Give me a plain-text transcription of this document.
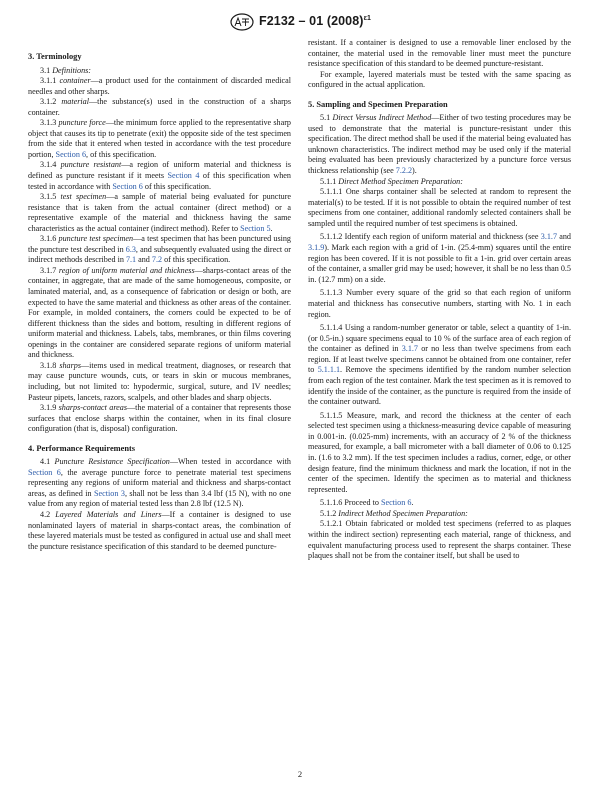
F2132 – 01 $(2008)^{\varepsilon 1}$
3. Terminology

3.1 Definitions:

3.1.1 container—a product used for the containment of discarded medical needles and other sharps.

3.1.2 material—the substance(s) used in the construction of a sharps container.

3.1.3 puncture force—the minimum force applied to the representative sharp object that causes its tip to penetrate (exit) the opposite side of the test specimen from the side that it entered when tested in accordance with the test procedure portion, Section 6, of this specification.

3.1.4 puncture resistant—a region of uniform material and thickness is defined as puncture resistant if it meets Section 4 of this specification when tested in accordance with Section 6 of this specification.

3.1.5 test specimen—a sample of material being evaluated for puncture resistance that is taken from the actual container (direct method) or a representative example of the material and thickness having the same characteristics as the actual container (indirect method). Refer to Section 5.

3.1.6 puncture test specimen—a test specimen that has been punctured using the puncture test described in 6.3, and subsequently evaluated using the direct or indirect methods described in 7.1 and 7.2 of this specification.

3.1.7 region of uniform material and thickness—sharps-contact areas of the container, in aggregate, that are made of the same homogeneous, composite, or laminated material, and, as a consequence of fabrication or design or both, are expected to have the same material and thickness as other areas of the container. For example, in molded containers, the corners could be expected to be of different thickness than the sides and bottom, resulting in different regions of uniform material and thickness. Labels, tabs, membranes, or thin films covering openings in the container are considered separate regions of uniform material and thickness.

3.1.8 sharps—items used in medical treatment, diagnoses, or research that may cause puncture wounds, cuts, or tears in skin or mucous membranes, including, but not limited to: hypodermic, surgical, suture, and IV needles; Pasteur pipets, lancets, razors, scalpels, and other blades and sharp objects.

3.1.9 sharps-contact areas—the material of a container that represents those surfaces that enclose sharps within the container, when in its final closure configuration (that is, disposal) configuration.

4. Performance Requirements

4.1 Puncture Resistance Specification—When tested in accordance with Section 6, the average puncture force to penetrate material test specimens representing any regions of uniform material and thickness and sharps-contact areas, as defined in Section 3, shall not be less than 3.4 lbf (15 N), with no one value from any region of material tested less than 2.8 lbf (12.5 N).

4.2 Layered Materials and Liners—If a container is designed to use nonlaminated layers of material in sharps-contact areas, the combination of these layered materials must be tested as configured in actual use and shall meet the puncture resistance specification of this standard to be deemed puncture-

resistant. If a container is designed to use a removable liner enclosed by the container, the material used in the removable liner must meet the puncture resistance specification of this standard to be deemed puncture-resistant.

For example, layered materials must be tested with the same spacing as configured in the actual application.

5. Sampling and Specimen Preparation

5.1 Direct Versus Indirect Method—Either of two testing procedures may be used to demonstrate that the material is puncture-resistant under this specification. The direct method shall be used if the material being evaluated has unknown characteristics. The indirect method may be used only if the material being evaluated has been previously characterized by a puncture force versus thickness relationship (see 7.2.2).

5.1.1 Direct Method Specimen Preparation:

5.1.1.1 One sharps container shall be selected at random to represent the material(s) to be tested. If it is not possible to obtain the required number of test specimens from one container, additional randomly selected containers shall be sampled until the required number of test specimens is obtained.

5.1.1.2 Identify each region of uniform material and thickness (see 3.1.7 and 3.1.9). Mark each region with a grid of 1-in. (25.4-mm) squares until the entire region has been covered. If it is not possible to fit a 1-in. grid over certain areas of the container, a smaller grid may be used; however, it shall be no less than 0.5 in. (12.7 mm) on a side.

5.1.1.3 Number every square of the grid so that each region of uniform material and thickness has consecutive numbers, starting with No. 1 in each region.

5.1.1.4 Using a random-number generator or table, select a quantity of 1-in. (or 0.5-in.) square specimens equal to 10 % of the surface area of each region of the container as defined in 3.1.7 or no less than twelve specimens from each region. If at least twelve specimens cannot be obtained from one container, refer to 5.1.1.1. Remove the specimens identified by the random number selection from each region of the test container. Mark the test specimen as it is removed to identify the inside of the container, as the puncture is required from the inside of the container outward.

5.1.1.5 Measure, mark, and record the thickness at the center of each selected test specimen using a thickness-measuring device capable of measuring in 0.001-in. (0.025-mm) increments, with an accuracy of 2 % of the thickness measured, for example, a ball micrometer with a ball diameter of 0.06 to 0.125 in. (1.6 to 3.2 mm). If the test specimen includes a radius, corner, edge, or other design feature, find the minimum thickness and mark the location, if not in the center of the specimen. Identify the specimen as to material and thickness represented.

5.1.1.6 Proceed to Section 6.

5.1.2 Indirect Method Specimen Preparation:

5.1.2.1 Obtain fabricated or molded test specimens (referred to as plaques within the indirect section) representing each material, range of thickness, and equivalent manufacturing process used to represent the sharps container. These plaques shall not be from the container itself, but shall be used to

2
